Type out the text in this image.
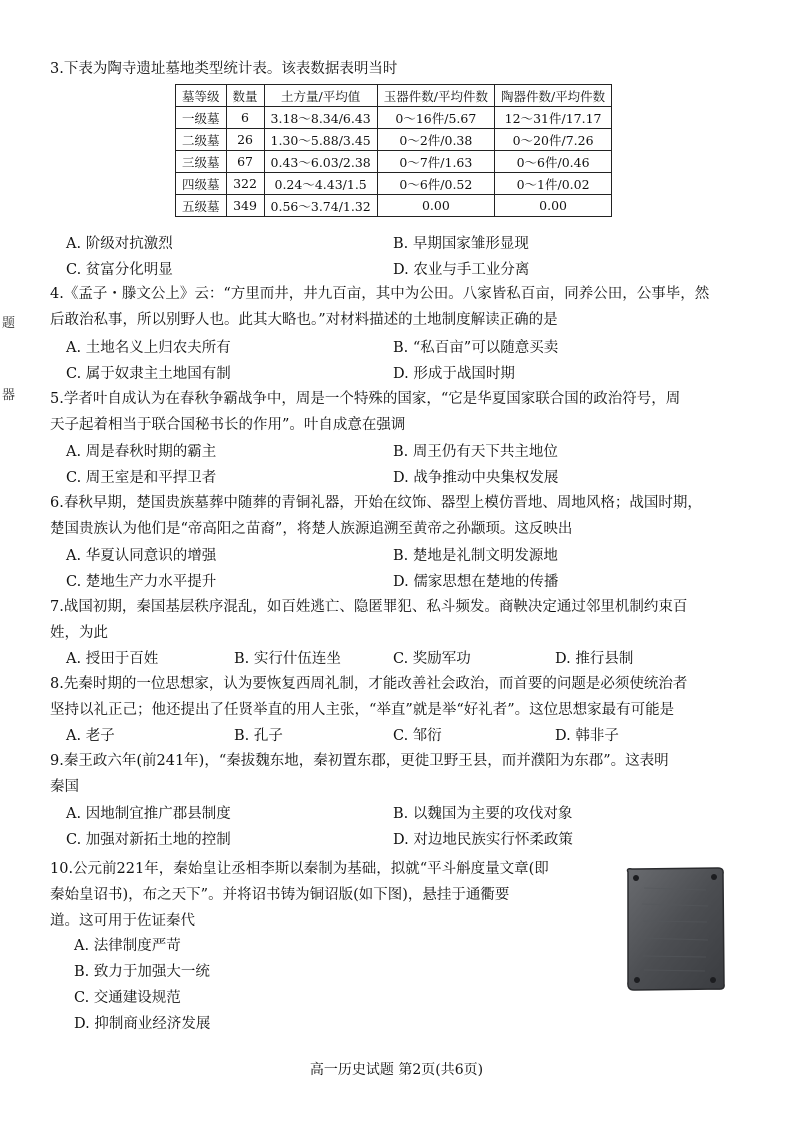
题
器
3.下表为陶寺遗址墓地类型统计表。该表数据表明当时
墓等级	数量	土方量/平均值	玉器件数/平均件数	陶器件数/平均件数
一级墓	6	3.18～8.34/6.43	0～16件/5.67	12～31件/17.17
二级墓	26	1.30～5.88/3.45	0～2件/0.38	0～20件/7.26
三级墓	67	0.43～6.03/2.38	0～7件/1.63	0～6件/0.46
四级墓	322	0.24～4.43/1.5	0～6件/0.52	0～1件/0.02
五级墓	349	0.56～3.74/1.32	0.00	0.00
A. 阶级对抗激烈	B. 早期国家雏形显现
C. 贫富分化明显	D. 农业与手工业分离
4.《孟子・滕文公上》云：“方里而井，井九百亩，其中为公田。八家皆私百亩，同养公田，公事毕，然
后敢治私事，所以别野人也。此其大略也。”对材料描述的土地制度解读正确的是
A. 土地名义上归农夫所有	B. “私百亩”可以随意买卖
C. 属于奴隶主土地国有制	D. 形成于战国时期
5.学者叶自成认为在春秋争霸战争中，周是一个特殊的国家，“它是华夏国家联合国的政治符号，周
天子起着相当于联合国秘书长的作用”。叶自成意在强调
A. 周是春秋时期的霸主	B. 周王仍有天下共主地位
C. 周王室是和平捍卫者	D. 战争推动中央集权发展
6.春秋早期，楚国贵族墓葬中随葬的青铜礼器，开始在纹饰、器型上模仿晋地、周地风格；战国时期，
楚国贵族认为他们是“帝高阳之苗裔”，将楚人族源追溯至黄帝之孙颛顼。这反映出
A. 华夏认同意识的增强	B. 楚地是礼制文明发源地
C. 楚地生产力水平提升	D. 儒家思想在楚地的传播
7.战国初期，秦国基层秩序混乱，如百姓逃亡、隐匿罪犯、私斗频发。商鞅决定通过邻里机制约束百
姓，为此
A. 授田于百姓	B. 实行什伍连坐	C. 奖励军功	D. 推行县制
8.先秦时期的一位思想家，认为要恢复西周礼制，才能改善社会政治，而首要的问题是必须使统治者
坚持以礼正己；他还提出了任贤举直的用人主张，“举直”就是举“好礼者”。这位思想家最有可能是
A. 老子	B. 孔子	C. 邹衍	D. 韩非子
9.秦王政六年(前241年)，“秦拔魏东地，秦初置东郡，更徙卫野王县，而并濮阳为东郡”。这表明
秦国
A. 因地制宜推广郡县制度	B. 以魏国为主要的攻伐对象
C. 加强对新拓土地的控制	D. 对边地民族实行怀柔政策
10.公元前221年，秦始皇让丞相李斯以秦制为基础，拟就“平斗斛度量文章(即
秦始皇诏书)，布之天下”。并将诏书铸为铜诏版(如下图)，悬挂于通衢要
道。这可用于佐证秦代
A. 法律制度严苛
B. 致力于加强大一统
C. 交通建设规范
D. 抑制商业经济发展
高一历史试题 第2页(共6页)
